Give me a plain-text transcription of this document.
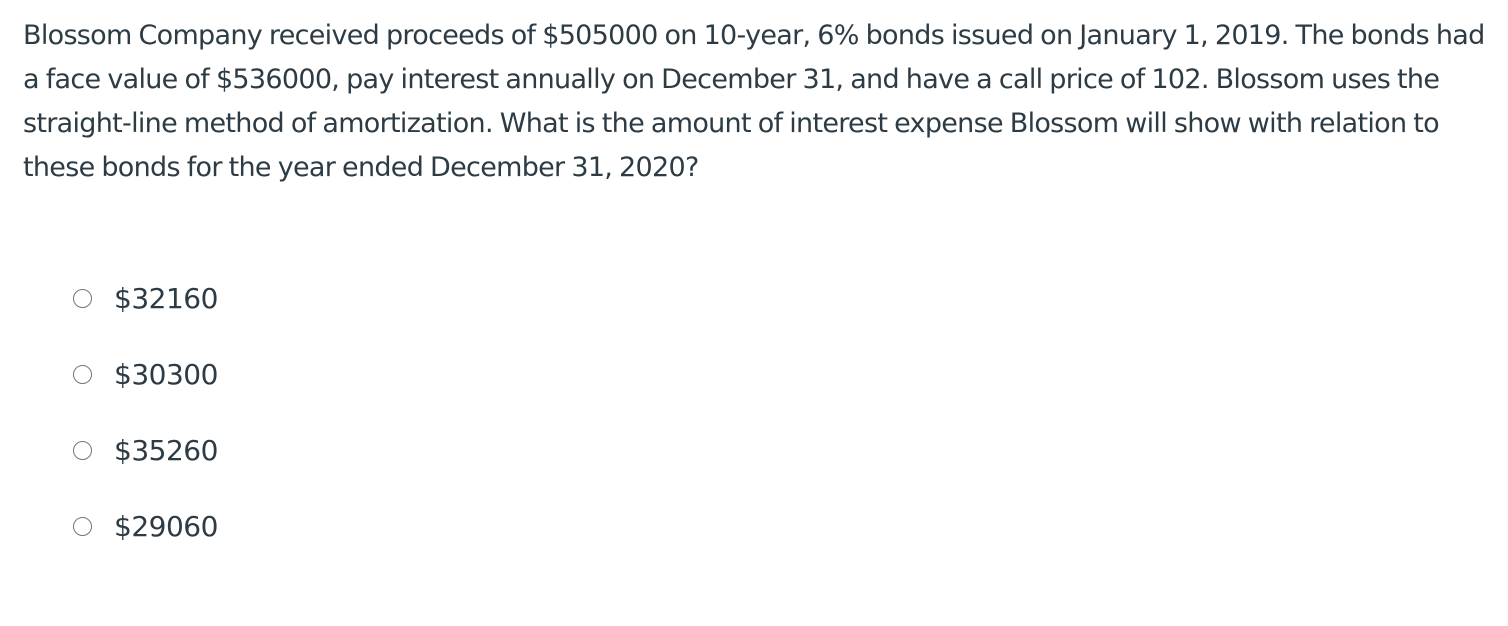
Blossom Company received proceeds of $505000 on 10-year, 6% bonds issued on January 1, 2019. The bonds had a face value of $536000, pay interest annually on December 31, and have a call price of 102. Blossom uses the straight-line method of amortization. What is the amount of interest expense Blossom will show with relation to these bonds for the year ended December 31, 2020?

$32160
$30300
$35260
$29060
